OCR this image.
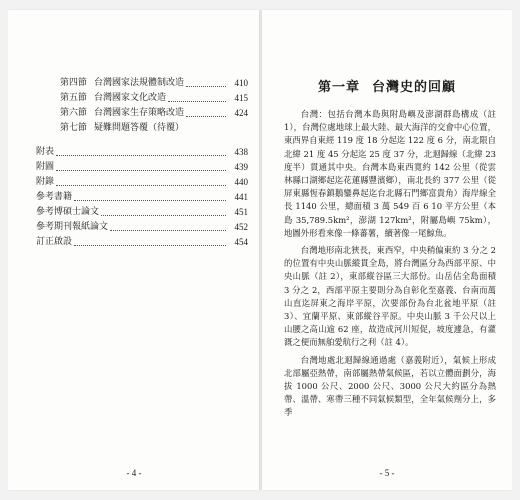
第四節 台灣國家法規體制改造	410
第五節 台灣國家文化改造	415
第六節 台灣國家生存策略改造	424
第七節 疑難問題答覆（待覆）
附表	438
附圖	439
附錄	440
參考書籍	441
參考博碩士論文	451
參考期刊報紙論文	452
訂正啟設	454
- 4 -
第一章 台灣史的回顧

台灣：包括台灣本島與附島嶼及澎湖群島構成（註1），台灣位處地球上最大陸、最大海洋的交會中心位置，東西界自東經 119 度 18 分起迄 122 度 6 分，南北限自北緯 21 度 45 分起迄 25 度 37 分，北迴歸線（北緯 23 度半）貫通其中央。台灣本島東西寬約 142 公里（從雲林縣口湖鄉起迄花蓮縣豐濱鄉），南北長約 377 公里（從屏東縣恆春鎮鵝鑾鼻起迄台北縣石門鄉富貴角）海岸線全長 1140 公里，總面積 3 萬 549 百 6 10 平方公里（本島 35,789.5km²，澎湖 127km²，附屬島嶼 75km），地圖外形看來像一條蕃薯，續著像一尾鯨魚。

台灣地形南北狹長，東西窄，中央稍偏東約 3 分之 2 的位置有中央山脈縱貫全島，將台灣區分為西部平原、中央山脈（註 2），東部縱谷區三大部份。山岳佔全島面積 3 分之 2，西部平原主要則分為自彰化至嘉義、台南而萬山直迄屏東之海岸平原，次要部份為台北盆地平原（註 3）、宜蘭平原、東部縱谷平原。中央山脈 3 千公尺以上山腰之高山逾 62 座，故造成河川短促，坡度遽急，有灌溉之便而無舶愛航行之利（註 4）。

台灣地處北迴歸線通過處（嘉義附近），氣候上形成北部屬亞熱帶，南部屬熱帶氣候區，若以立體面劃分，海拔 1000 公尺、2000 公尺、3000 公尺大約區分為熱帶、溫帶、寒帶三種不同氣候類型，全年氣候劑分上，多季

- 5 -
